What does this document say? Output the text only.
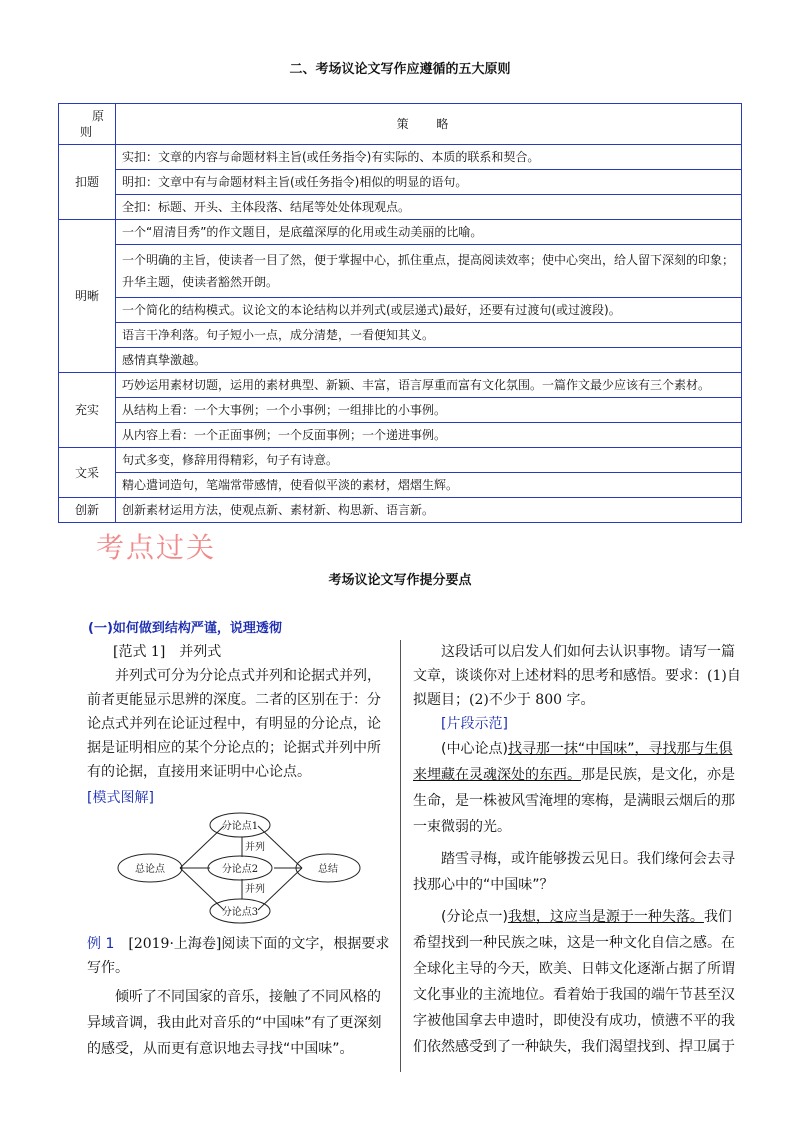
二、考场议论文写作应遵循的五大原则
原 则	策 略
扣题	实扣：文章的内容与命题材料主旨(或任务指令)有实际的、本质的联系和契合。
	明扣：文章中有与命题材料主旨(或任务指令)相似的明显的语句。
	全扣：标题、开头、主体段落、结尾等处处体现观点。
明晰	一个“眉清目秀”的作文题目，是底蕴深厚的化用或生动美丽的比喻。
	一个明确的主旨，使读者一目了然，便于掌握中心，抓住重点，提高阅读效率；使中心突出，给人留下深刻的印象；升华主题，使读者豁然开朗。
	一个简化的结构模式。议论文的本论结构以并列式(或层递式)最好，还要有过渡句(或过渡段)。
	语言干净利落。句子短小一点，成分清楚，一看便知其义。
	感情真挚激越。
充实	巧妙运用素材切题，运用的素材典型、新颖、丰富，语言厚重而富有文化氛围。一篇作文最少应该有三个素材。
	从结构上看：一个大事例；一个小事例；一组排比的小事例。
	从内容上看：一个正面事例；一个反面事例；一个递进事例。
文采	句式多变，修辞用得精彩，句子有诗意。
	精心遣词造句，笔端常带感情，使看似平淡的素材，熠熠生辉。
创新	创新素材运用方法，使观点新、素材新、构思新、语言新。
考点过关
考场议论文写作提分要点
(一)如何做到结构严谨，说理透彻
[范式 1]　并列式

并列式可分为分论点式并列和论据式并列，前者更能显示思辨的深度。二者的区别在于：分论点式并列在论证过程中，有明显的分论点，论据是证明相应的某个分论点的；论据式并列中所有的论据，直接用来证明中心论点。

[模式图解]
例 1　[2019·上海卷]阅读下面的文字，根据要求写作。

倾听了不同国家的音乐，接触了不同风格的异域音调，我由此对音乐的“中国味”有了更深刻的感受，从而更有意识地去寻找“中国味”。

分论点1
分论点2
分论点3
总论点	总结
并列
并列

这段话可以启发人们如何去认识事物。请写一篇文章，谈谈你对上述材料的思考和感悟。要求：(1)自拟题目；(2)不少于 800 字。

[片段示范]

(中心论点)找寻那一抹“中国味”，寻找那与生俱来埋藏在灵魂深处的东西。那是民族，是文化，亦是生命，是一株被风雪淹埋的寒梅，是满眼云烟后的那一束微弱的光。

踏雪寻梅，或许能够拨云见日。我们缘何会去寻找那心中的“中国味”？

(分论点一)我想，这应当是源于一种失落。我们希望找到一种民族之味，这是一种文化自信之感。在全球化主导的今天，欧美、日韩文化逐渐占据了所谓文化事业的主流地位。看着始于我国的端午节甚至汉字被他国拿去申遗时，即使没有成功，愤懑不平的我们依然感受到了一种缺失，我们渴望找到、捍卫属于
